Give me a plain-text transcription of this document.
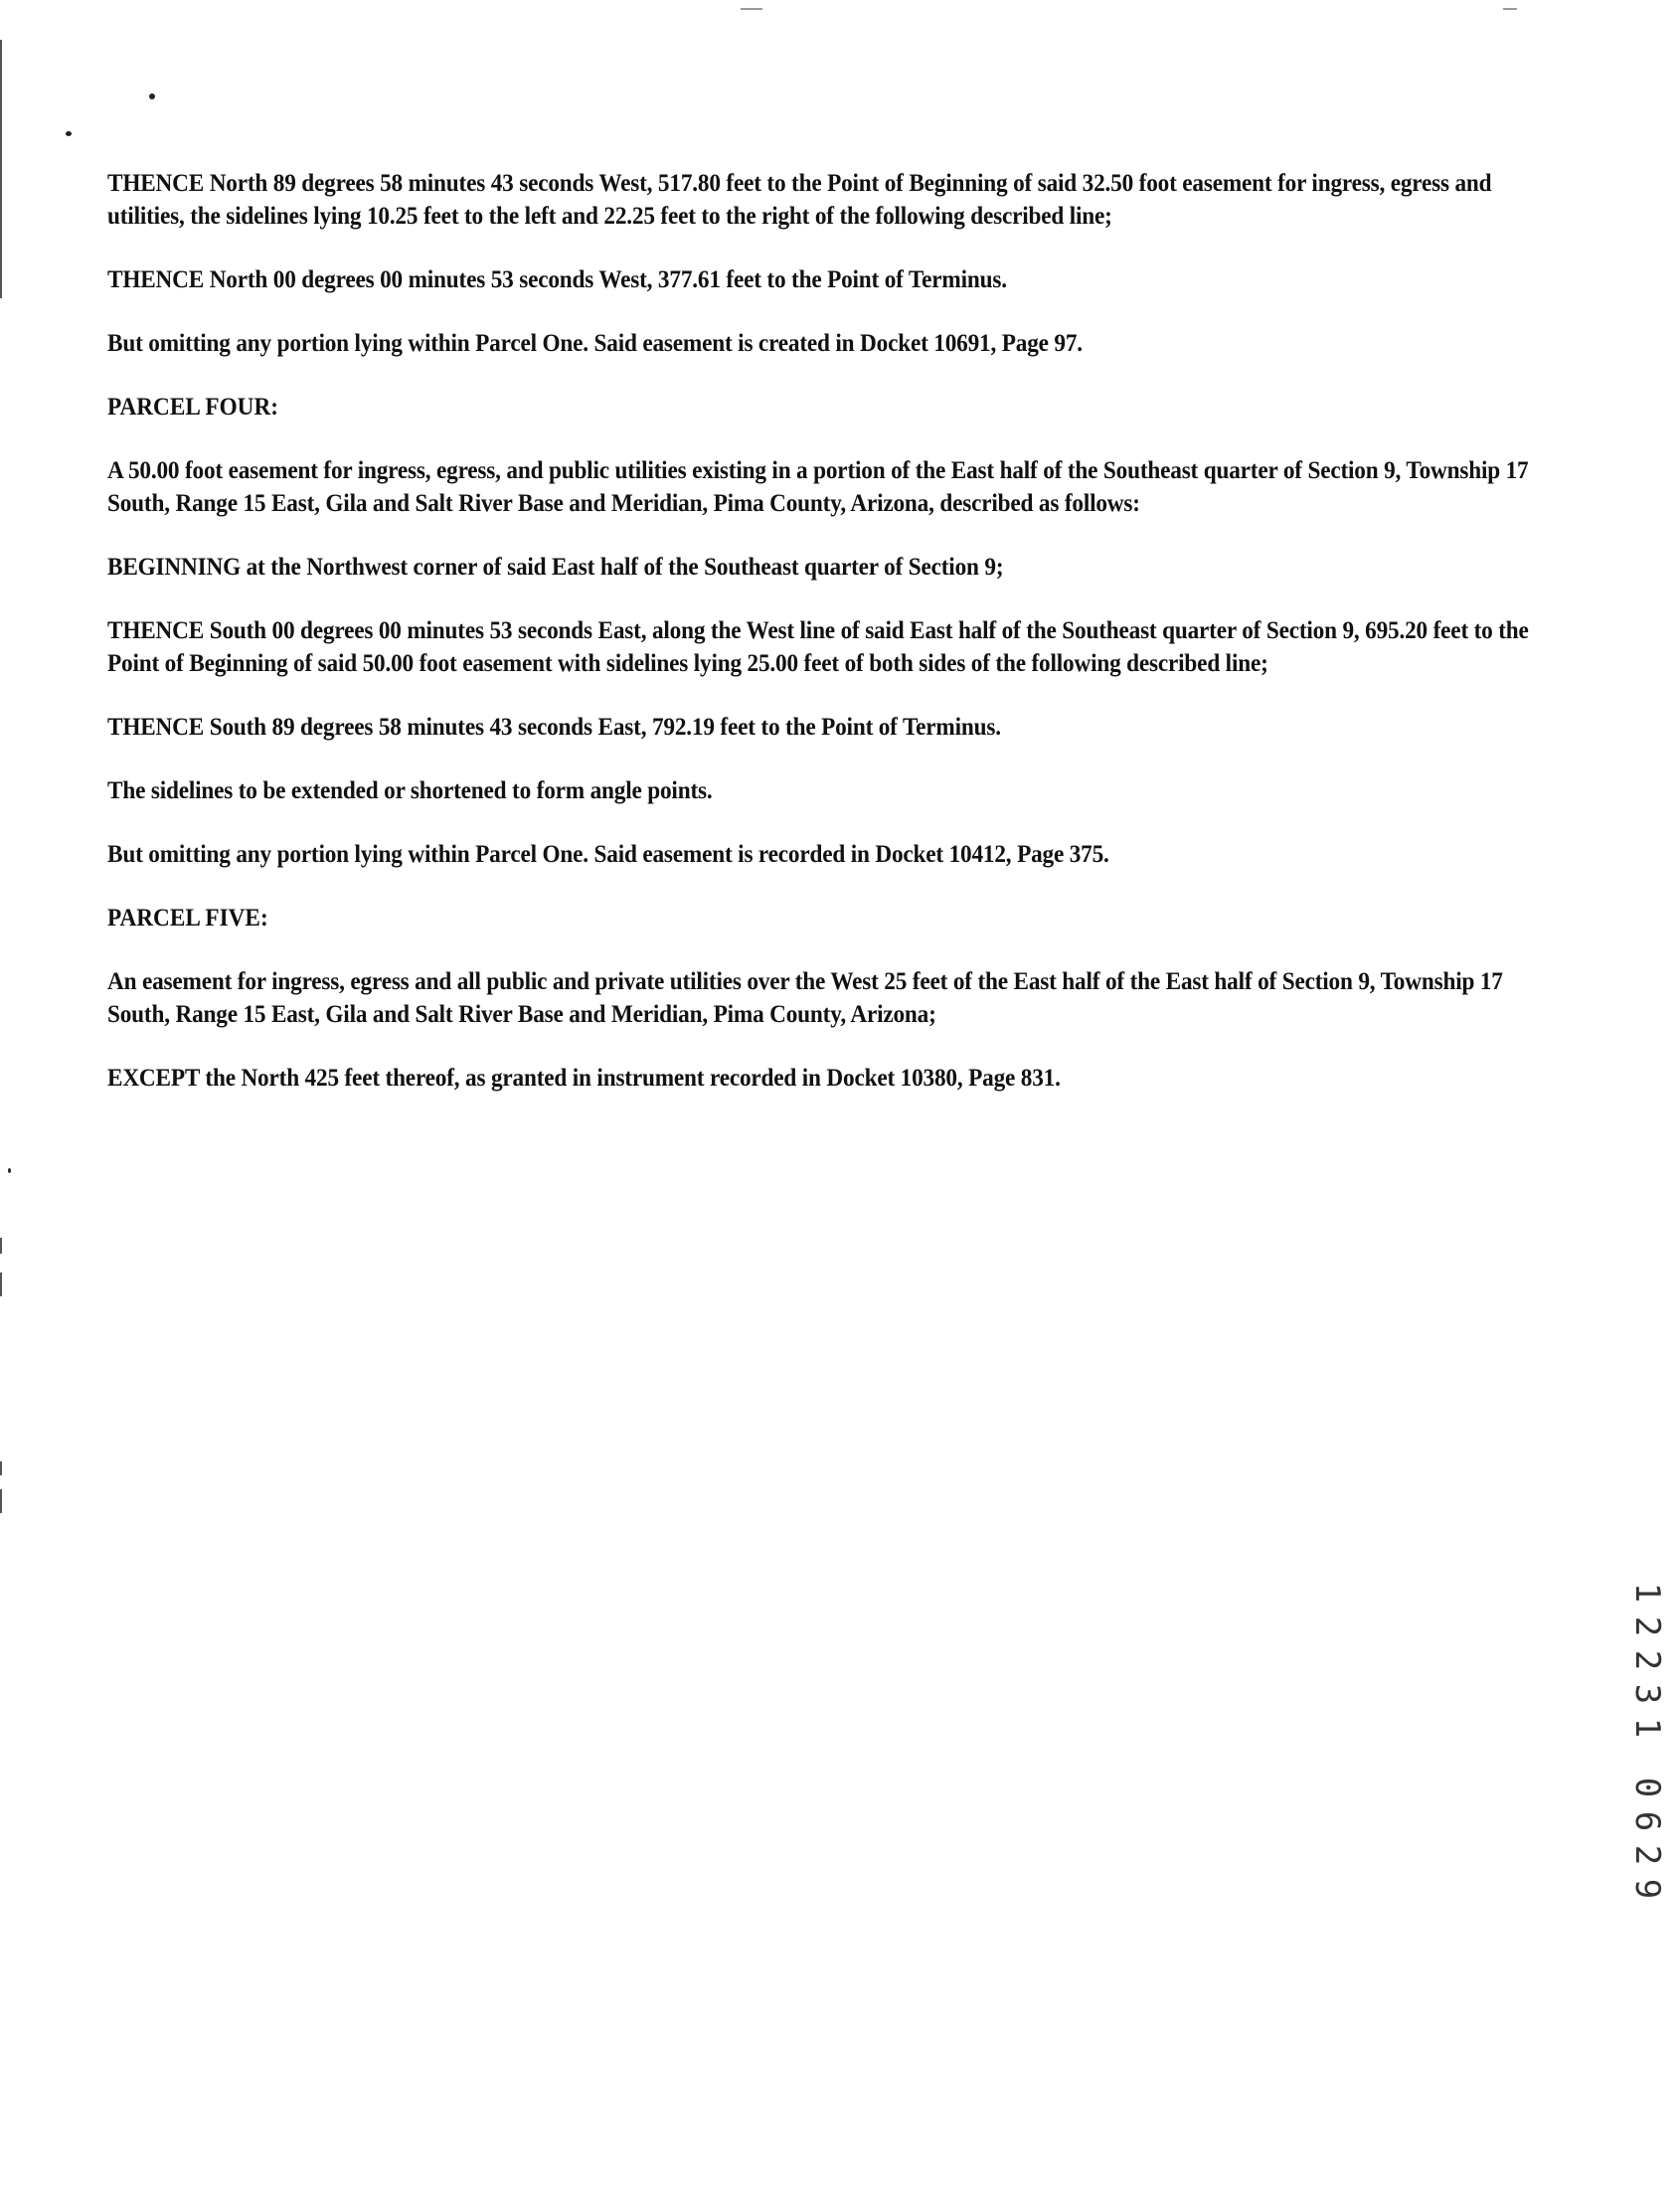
THENCE North 89 degrees 58 minutes 43 seconds West, 517.80 feet to the Point of Beginning of said 32.50 foot easement for ingress, egress and utilities, the sidelines lying 10.25 feet to the left and 22.25 feet to the right of the following described line;

THENCE North 00 degrees 00 minutes 53 seconds West, 377.61 feet to the Point of Terminus.

But omitting any portion lying within Parcel One. Said easement is created in Docket 10691, Page 97.

PARCEL FOUR:

A 50.00 foot easement for ingress, egress, and public utilities existing in a portion of the East half of the Southeast quarter of Section 9, Township 17 South, Range 15 East, Gila and Salt River Base and Meridian, Pima County, Arizona, described as follows:

BEGINNING at the Northwest corner of said East half of the Southeast quarter of Section 9;

THENCE South 00 degrees 00 minutes 53 seconds East, along the West line of said East half of the Southeast quarter of Section 9, 695.20 feet to the Point of Beginning of said 50.00 foot easement with sidelines lying 25.00 feet of both sides of the following described line;

THENCE South 89 degrees 58 minutes 43 seconds East, 792.19 feet to the Point of Terminus.

The sidelines to be extended or shortened to form angle points.

But omitting any portion lying within Parcel One. Said easement is recorded in Docket 10412, Page 375.

PARCEL FIVE:

An easement for ingress, egress and all public and private utilities over the West 25 feet of the East half of the East half of Section 9, Township 17 South, Range 15 East, Gila and Salt River Base and Meridian, Pima County, Arizona;

EXCEPT the North 425 feet thereof, as granted in instrument recorded in Docket 10380, Page 831.

1
2
2
3
1
0
6
2
9
